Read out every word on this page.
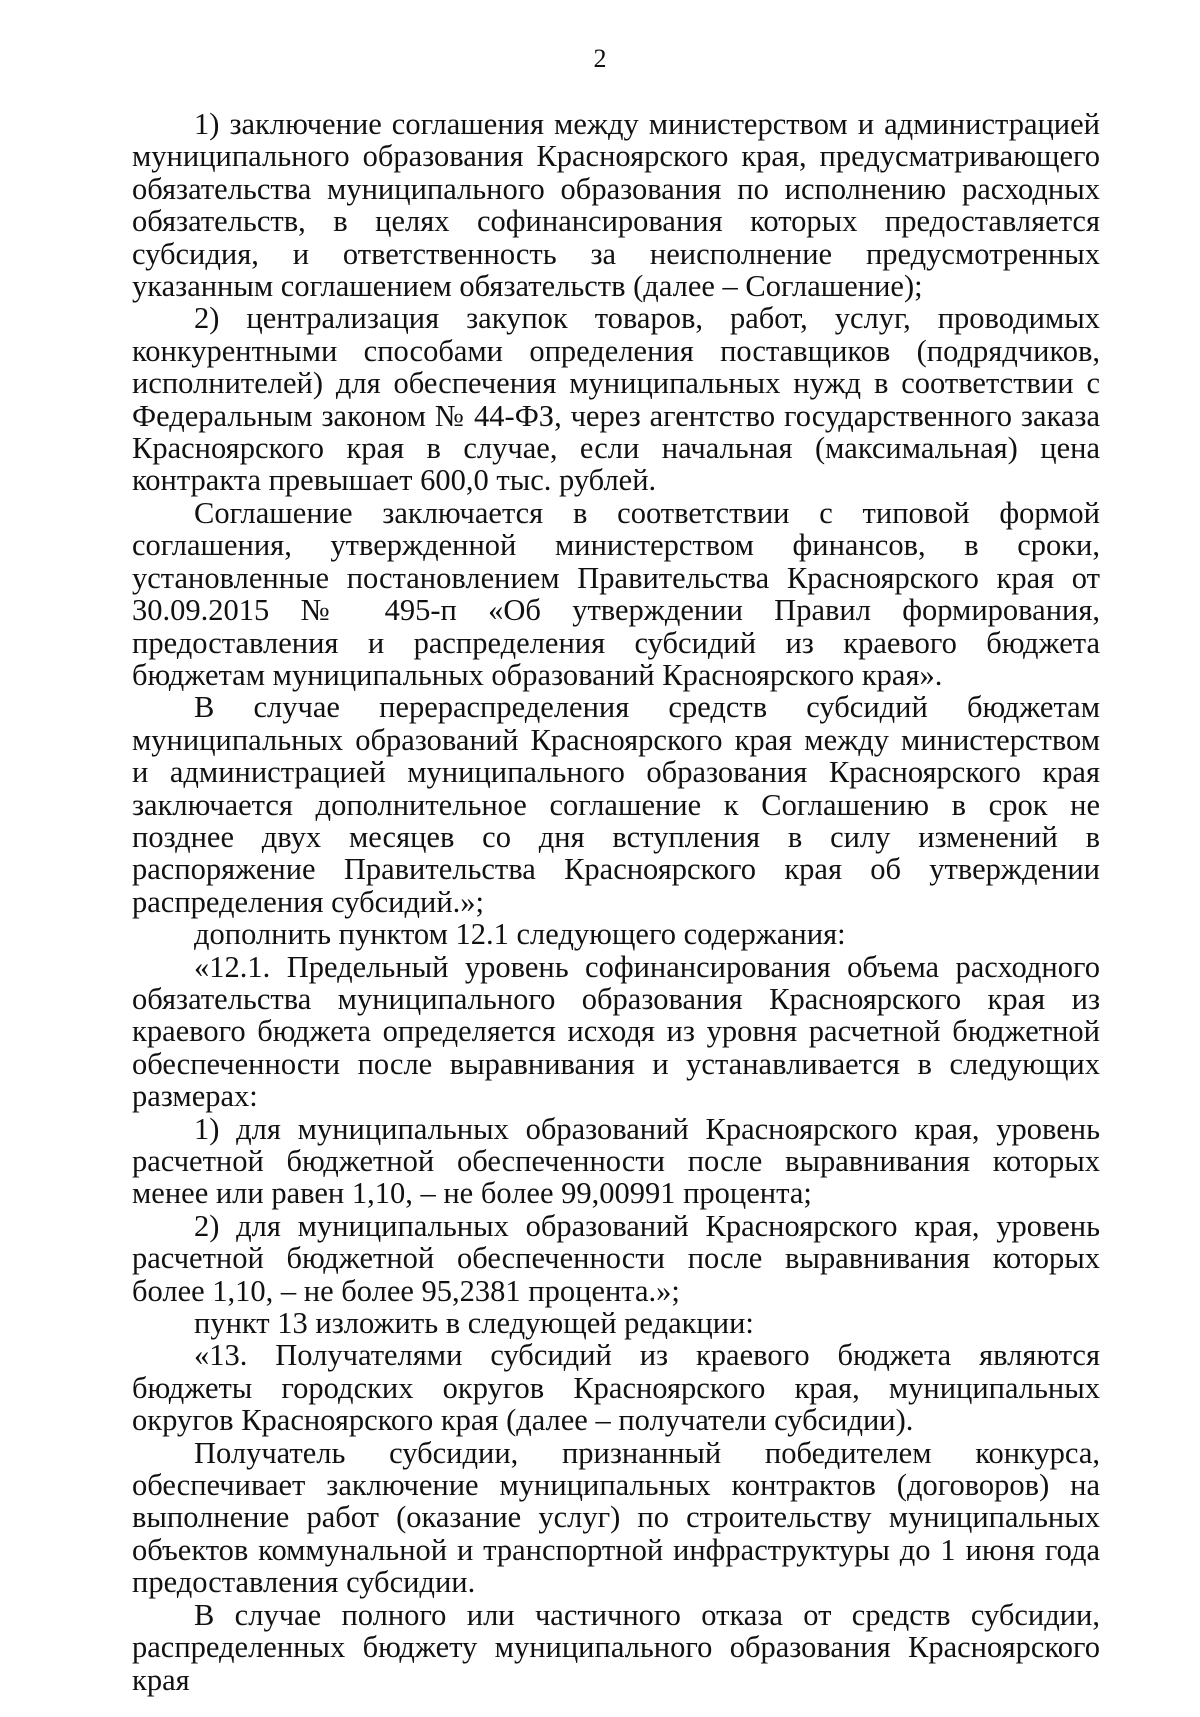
2

1) заключение соглашения между министерством и администрацией муниципального образования Красноярского края, предусматривающего обязательства муниципального образования по исполнению расходных обязательств, в целях софинансирования которых предоставляется субсидия, и ответственность за неисполнение предусмотренных указанным соглашением обязательств (далее – Соглашение);

2) централизация закупок товаров, работ, услуг, проводимых конкурентными способами определения поставщиков (подрядчиков, исполнителей) для обеспечения муниципальных нужд в соответствии с Федеральным законом № 44-ФЗ, через агентство государственного заказа Красноярского края в случае, если начальная (максимальная) цена контракта превышает 600,0 тыс. рублей.

Соглашение заключается в соответствии с типовой формой соглашения, утвержденной министерством финансов, в сроки, установленные постановлением Правительства Красноярского края от 30.09.2015 № 495-п «Об утверждении Правил формирования, предоставления и распределения субсидий из краевого бюджета бюджетам муниципальных образований Красноярского края».

В случае перераспределения средств субсидий бюджетам муниципальных образований Красноярского края между министерством и администрацией муниципального образования Красноярского края заключается дополнительное соглашение к Соглашению в срок не позднее двух месяцев со дня вступления в силу изменений в распоряжение Правительства Красноярского края об утверждении распределения субсидий.»;

дополнить пунктом 12.1 следующего содержания:

«12.1. Предельный уровень софинансирования объема расходного обязательства муниципального образования Красноярского края из краевого бюджета определяется исходя из уровня расчетной бюджетной обеспеченности после выравнивания и устанавливается в следующих размерах:

1) для муниципальных образований Красноярского края, уровень расчетной бюджетной обеспеченности после выравнивания которых менее или равен 1,10, – не более 99,00991 процента;

2) для муниципальных образований Красноярского края, уровень расчетной бюджетной обеспеченности после выравнивания которых более 1,10, – не более 95,2381 процента.»;

пункт 13 изложить в следующей редакции:

«13. Получателями субсидий из краевого бюджета являются бюджеты городских округов Красноярского края, муниципальных округов Красноярского края (далее – получатели субсидии).

Получатель субсидии, признанный победителем конкурса, обеспечивает заключение муниципальных контрактов (договоров) на выполнение работ (оказание услуг) по строительству муниципальных объектов коммунальной и транспортной инфраструктуры до 1 июня года предоставления субсидии.

В случае полного или частичного отказа от средств субсидии, распределенных бюджету муниципального образования Красноярского края
